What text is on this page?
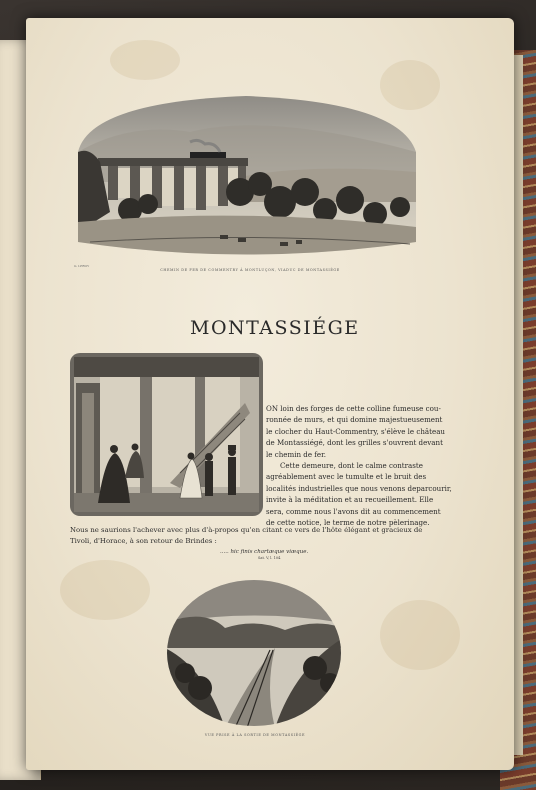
G. LEROY
CHEMIN DE FER DE COMMENTRY À MONTLUÇON, VIADUC DE MONTASSIÉGE
MONTASSIÉGE

ON loin des forges de cette colline fumeuse cou-

ronnée de murs, et qui domine majestueusement

le clocher du Haut-Commentry, s'élève le château

de Montassiégé, dont les grilles s'ouvrent devant

le chemin de fer.

Cette demeure, dont le calme contraste

agréablement avec le tumulte et le bruit des

localités industrielles que nous venons deparcourir,

invite à la méditation et au recueillement. Elle

sera, comme nous l'avons dit au commencement

de cette notice, le terme de notre pèlerinage.

Nous ne saurions l'achever avec plus d'à-propos qu'en citant ce vers de l'hôte élégant et gracieux de

Tivoli, d'Horace, à son retour de Brindes :

..... hic finis chartæque viæque.
Sat. V, l. 104.
VUE PRISE À LA SORTIE DE MONTASSIÉGE
